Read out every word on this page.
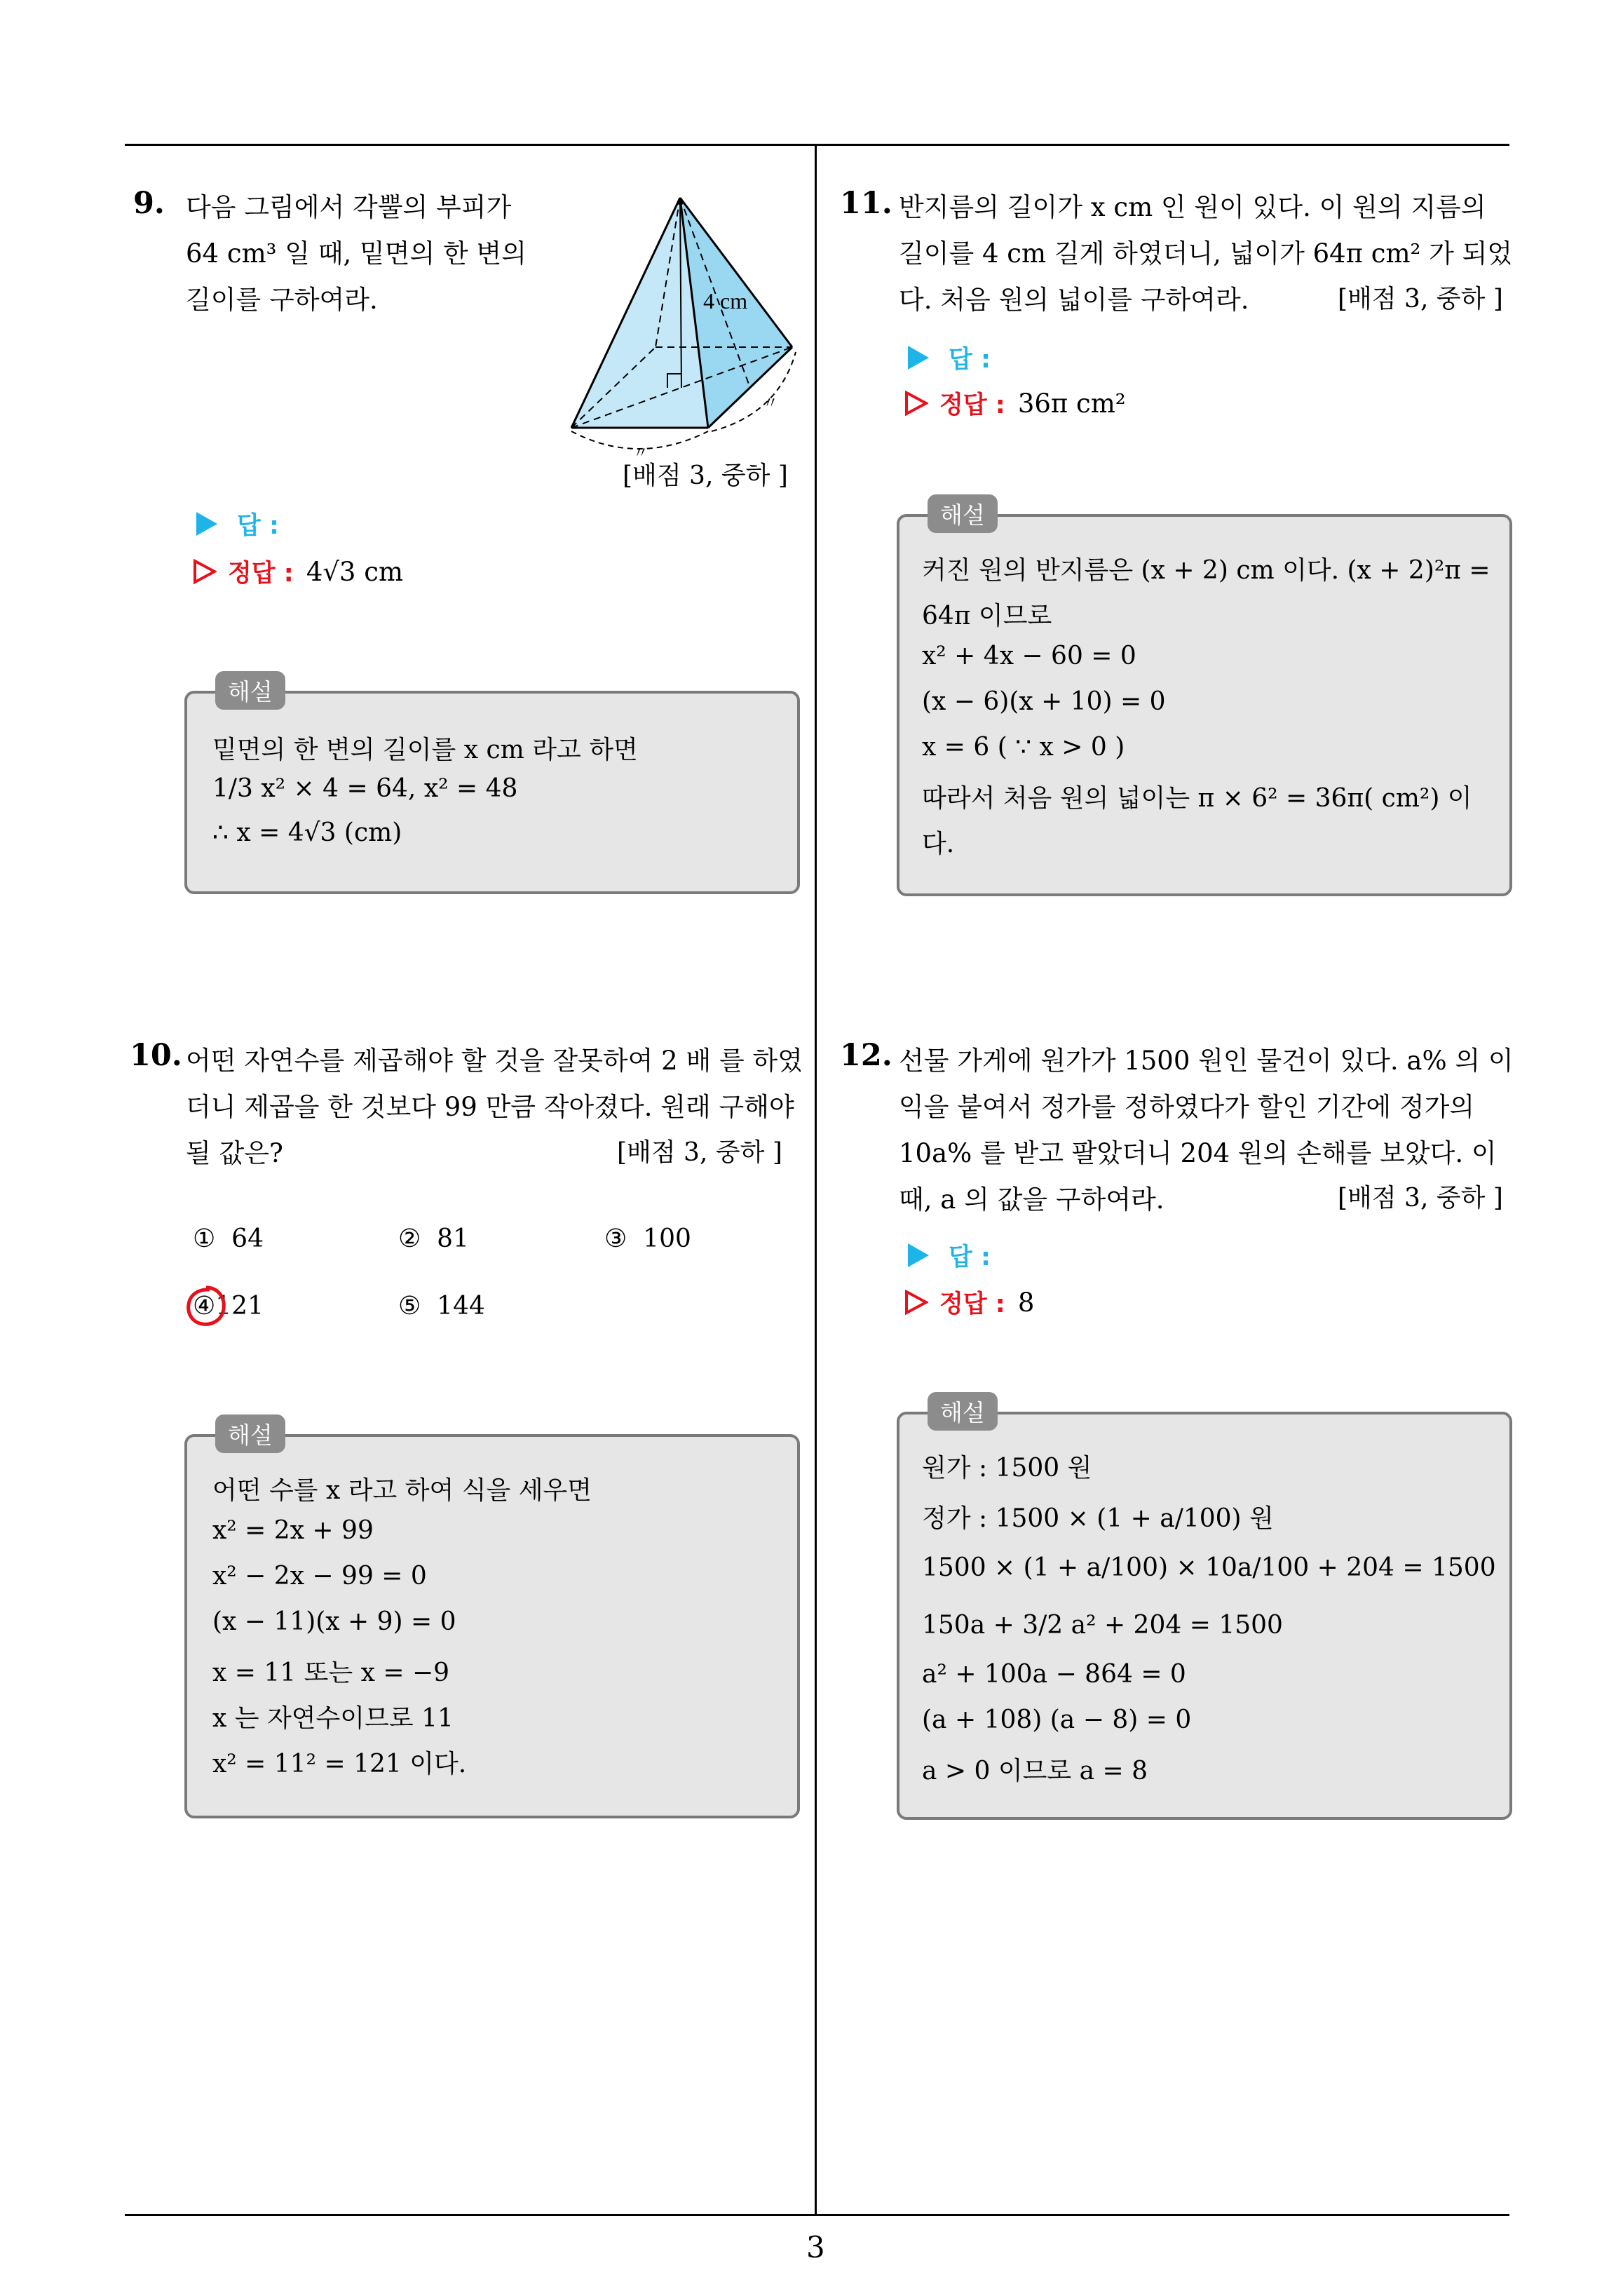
9. 다음 그림에서 각뿔의 부피가
64 cm³ 일 때, 밑면의 한 변의
길이를 구하여라.
〃
〃
4 cm
[배점 3, 중하 ]
답 :
정답 : 4√3 cm
해설
밑면의 한 변의 길이를 x cm 라고 하면
1/3 x² × 4 = 64, x² = 48
∴ x = 4√3 (cm)
10. 어떤 자연수를 제곱해야 할 것을 잘못하여 2 배 를 하였
더니 제곱을 한 것보다 99 만큼 작아졌다. 원래 구해야
될 값은?	[배점 3, 중하 ]
① 64	② 81	③ 100
④121	⑤ 144
해설
어떤 수를 x 라고 하여 식을 세우면
x² = 2x + 99
x² − 2x − 99 = 0
(x − 11)(x + 9) = 0
x = 11 또는 x = −9
x 는 자연수이므로 11
x² = 11² = 121 이다.
11. 반지름의 길이가 x cm 인 원이 있다. 이 원의 지름의
길이를 4 cm 길게 하였더니, 넓이가 64π cm² 가 되었
다. 처음 원의 넓이를 구하여라.	[배점 3, 중하 ]
답 :
정답 : 36π cm²
해설
커진 원의 반지름은 (x + 2) cm 이다. (x + 2)²π =
64π 이므로
x² + 4x − 60 = 0
(x − 6)(x + 10) = 0
x = 6 ( ∵ x > 0 )
따라서 처음 원의 넓이는 π × 6² = 36π( cm²) 이
다.
12. 선물 가게에 원가가 1500 원인 물건이 있다. a% 의 이
익을 붙여서 정가를 정하였다가 할인 기간에 정가의
10a% 를 받고 팔았더니 204 원의 손해를 보았다. 이
때, a 의 값을 구하여라.	[배점 3, 중하 ]
답 :
정답 : 8
해설
원가 : 1500 원
정가 : 1500 × (1 + a/100) 원
1500 × (1 + a/100) × 10a/100 + 204 = 1500
150a + 3/2 a² + 204 = 1500
a² + 100a − 864 = 0
(a + 108) (a − 8) = 0
a > 0 이므로 a = 8
3
